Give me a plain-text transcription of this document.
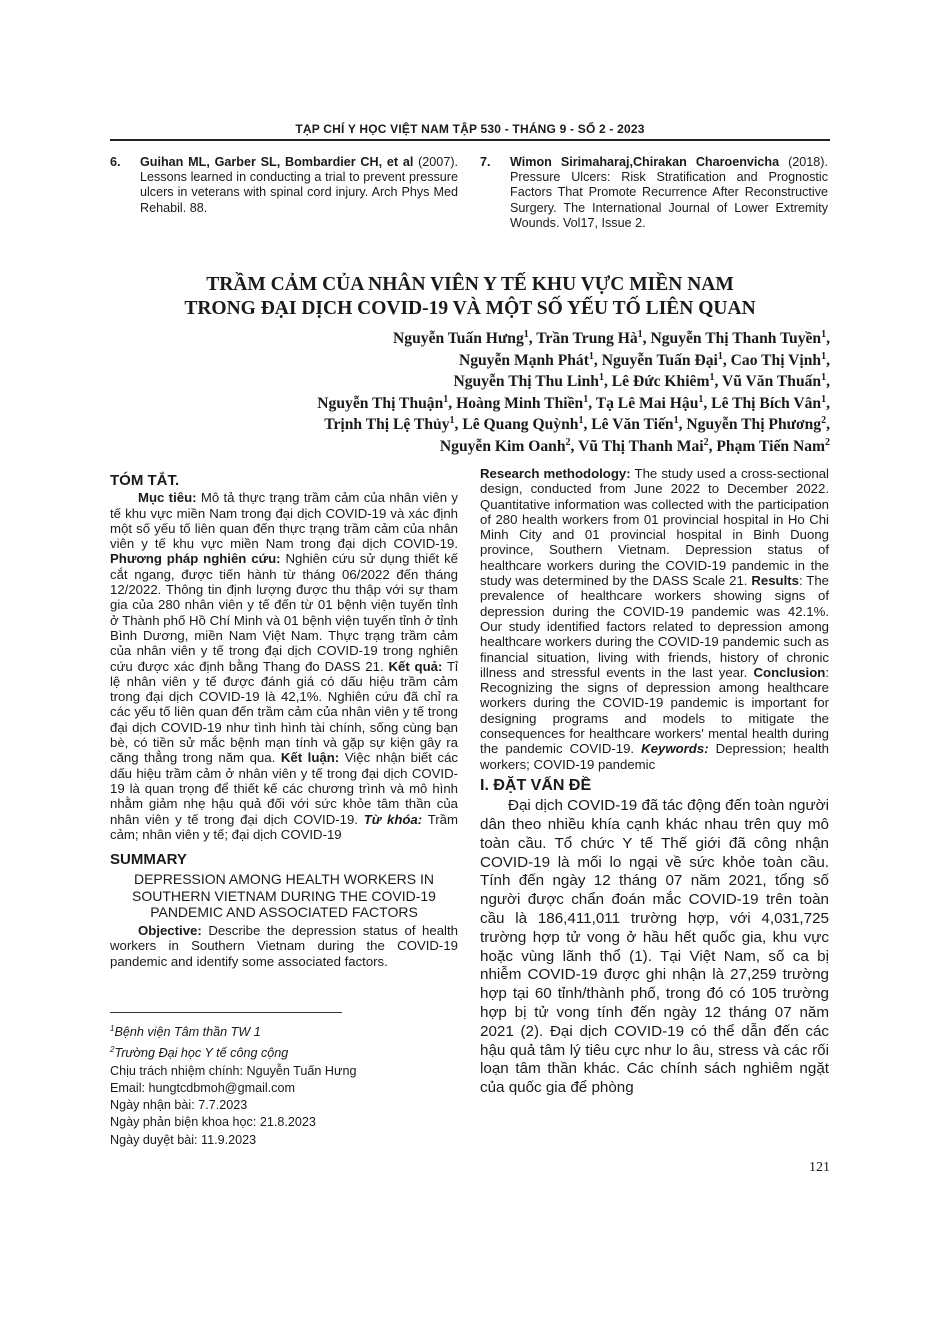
TẠP CHÍ Y HỌC VIỆT NAM TẬP 530 - THÁNG 9 - SỐ 2 - 2023
6.	Guihan ML, Garber SL, Bombardier CH, et al (2007). Lessons learned in conducting a trial to prevent pressure ulcers in veterans with spinal cord injury. Arch Phys Med Rehabil. 88.
7.	Wimon Sirimaharaj,Chirakan Charoenvicha (2018). Pressure Ulcers: Risk Stratification and Prognostic Factors That Promote Recurrence After Reconstructive Surgery. The International Journal of Lower Extremity Wounds. Vol17, Issue 2.
TRẦM CẢM CỦA NHÂN VIÊN Y TẾ KHU VỰC MIỀN NAM
TRONG ĐẠI DỊCH COVID-19 VÀ MỘT SỐ YẾU TỐ LIÊN QUAN
Nguyễn Tuấn Hưng$^1$, Trần Trung $Hà^1$, Nguyễn Thị Thanh Tuyền$^1$,
Nguyễn Mạnh Phát$^1$, Nguyễn Tuấn Đại$^1$, Cao Thị Vịnh$^1$,
Nguyễn Thị Thu Linh$^1$, Lê Đức Khiêm$^1$, Vũ Văn Thuấn$^1$,
Nguyễn Thị Thuận$^1$, Hoàng Minh Thiền$^1$, Tạ Lê Mai Hậu$^1$, Lê Thị Bích Vân$^1$,
Trịnh Thị Lệ Thủy$^1$, Lê Quang Quỳnh$^1$, Lê Văn Tiến$^1$, Nguyễn Thị Phương$^2$,
Nguyễn Kim Oanh$^2$, Vũ Thị Thanh Mai$^2$, Phạm Tiến Nam$^2$
TÓM TẮT.

Mục tiêu: Mô tả thực trạng trầm cảm của nhân viên y tế khu vực miền Nam trong đại dịch COVID-19 và xác định một số yếu tố liên quan đến thực trạng trầm cảm của nhân viên y tế khu vực miền Nam trong đại dịch COVID-19. Phương pháp nghiên cứu: Nghiên cứu sử dụng thiết kế cắt ngang, được tiến hành từ tháng 06/2022 đến tháng 12/2022. Thông tin định lượng được thu thập với sự tham gia của 280 nhân viên y tế đến từ 01 bệnh viện tuyến tỉnh ở Thành phố Hồ Chí Minh và 01 bệnh viện tuyến tỉnh ở tỉnh Bình Dương, miền Nam Việt Nam. Thực trạng trầm cảm của nhân viên y tế trong đại dịch COVID-19 trong nghiên cứu được xác định bằng Thang đo DASS 21. Kết quả: Tỉ lệ nhân viên y tế được đánh giá có dấu hiệu trầm cảm trong đại dịch COVID-19 là 42,1%. Nghiên cứu đã chỉ ra các yếu tố liên quan đến trầm cảm của nhân viên y tế trong đại dịch COVID-19 như tình hình tài chính, sống cùng bạn bè, có tiền sử mắc bệnh mạn tính và gặp sự kiện gây ra căng thẳng trong năm qua. Kết luận: Việc nhận biết các dấu hiệu trầm cảm ở nhân viên y tế trong đại dịch COVID-19 là quan trọng để thiết kế các chương trình và mô hình nhằm giảm nhẹ hậu quả đối với sức khỏe tâm thần của nhân viên y tế trong đại dịch COVID-19. Từ khóa: Trầm cảm; nhân viên y tế; đại dịch COVID-19

SUMMARY
DEPRESSION AMONG HEALTH WORKERS IN SOUTHERN VIETNAM DURING THE COVID-19 PANDEMIC AND ASSOCIATED FACTORS

Objective: Describe the depression status of health workers in Southern Vietnam during the COVID-19 pandemic and identify some associated factors.

Research methodology: The study used a cross-sectional design, conducted from June 2022 to December 2022. Quantitative information was collected with the participation of 280 health workers from 01 provincial hospital in Ho Chi Minh City and 01 provincial hospital in Binh Duong province, Southern Vietnam. Depression status of healthcare workers during the COVID-19 pandemic in the study was determined by the DASS Scale 21. Results: The prevalence of healthcare workers showing signs of depression during the COVID-19 pandemic was 42.1%. Our study identified factors related to depression among healthcare workers during the COVID-19 pandemic such as financial situation, living with friends, history of chronic illness and stressful events in the last year. Conclusion: Recognizing the signs of depression among healthcare workers during the COVID-19 pandemic is important for designing programs and models to mitigate the consequences for healthcare workers' mental health during the pandemic COVID-19. Keywords: Depression; health workers; COVID-19 pandemic

I. ĐẶT VẤN ĐỀ

Đại dịch COVID-19 đã tác động đến toàn người dân theo nhiều khía cạnh khác nhau trên quy mô toàn cầu. Tổ chức Y tế Thế giới đã công nhận COVID-19 là mối lo ngại về sức khỏe toàn cầu. Tính đến ngày 12 tháng 07 năm 2021, tổng số người được chẩn đoán mắc COVID-19 trên toàn cầu là 186,411,011 trường hợp, với 4,031,725 trường hợp tử vong ở hầu hết quốc gia, khu vực hoặc vùng lãnh thổ (1). Tại Việt Nam, số ca bị nhiễm COVID-19 được ghi nhận là 27,259 trường hợp tại 60 tỉnh/thành phố, trong đó có 105 trường hợp bị tử vong tính đến ngày 12 tháng 07 năm 2021 (2). Đại dịch COVID-19 có thể dẫn đến các hậu quả tâm lý tiêu cực như lo âu, stress và các rối loạn tâm thần khác. Các chính sách nghiêm ngặt của quốc gia để phòng

$^1$Bệnh viện Tâm thần TW 1
$^2$Trường Đại học Y tế công cộng
Chịu trách nhiệm chính: Nguyễn Tuấn Hưng
Email: hungtcdbmoh@gmail.com
Ngày nhận bài: 7.7.2023
Ngày phản biện khoa học: 21.8.2023
Ngày duyệt bài: 11.9.2023
121
